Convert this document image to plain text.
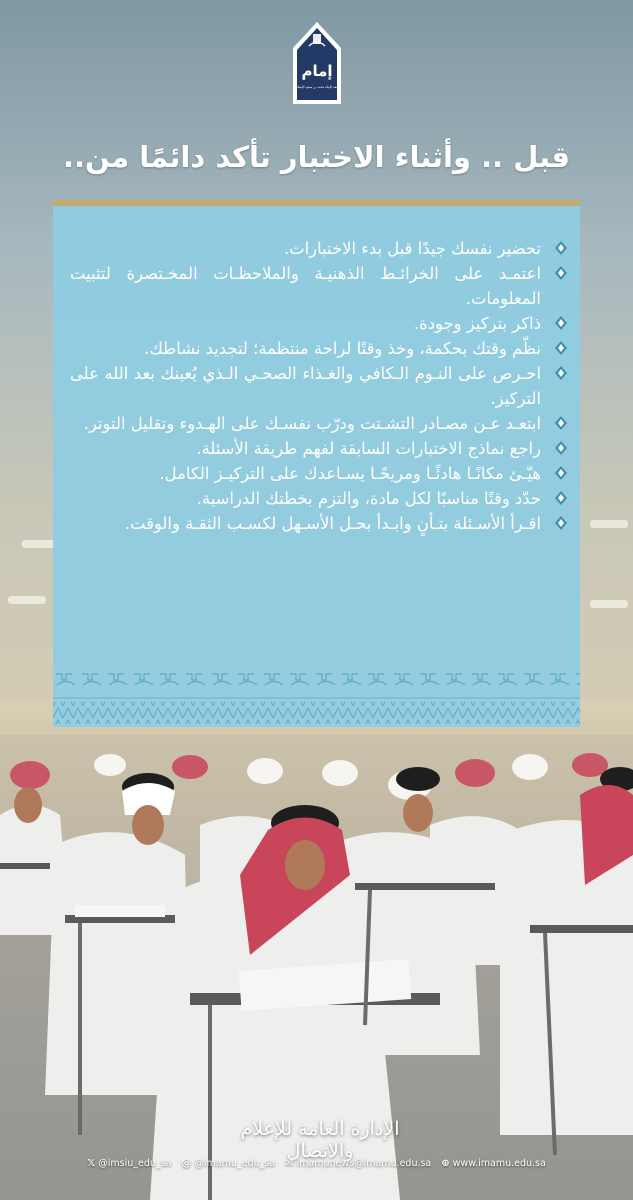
إمام
جامعة الإمام محمد بن سعود الإسلامية
قبل .. وأثناء الاختبار تأكد دائمًا من..
تحضير نفسك جيدًا قبل بدء الاختبارات.
اعتمـد على الخرائـط الذهنيـة والملاحظـات المخـتصرة لتثبيت المعلومات.
ذاكر بتركيز وجودة.
نظّم وقتك بحكمة، وخذ وقتًا لراحة منتظمة؛ لتجديد نشاطك.
احـرص على النـوم الـكافي والغـذاء الصحـي الـذي يُعينك بعد الله على التركيز.
ابتعـد عـن مصـادر التشـتت ودرّب نفسـك على الهـدوء وتقليل التوتر.
راجع نماذج الاختبارات السابقة لفهم طريقة الأسئلة.
هيّـئ مكانًـا هادئًـا ومريحًـا يسـاعدك على التركيـز الكامل.
حدّد وقتًا مناسبًا لكل مادة، والتزم بخطتك الدراسية.
اقـرأ الأسـئلة بتـأنٍ وابـدأ بحـل الأسـهل لكسـب الثقـة والوقت.
الإدارة العامة للإعلام والاتصال
𝕏 @imsiu_edu_sa @ @imamu_edu_sa ✉ imamunews@imamu.edu.sa ⊕ www.imamu.edu.sa
